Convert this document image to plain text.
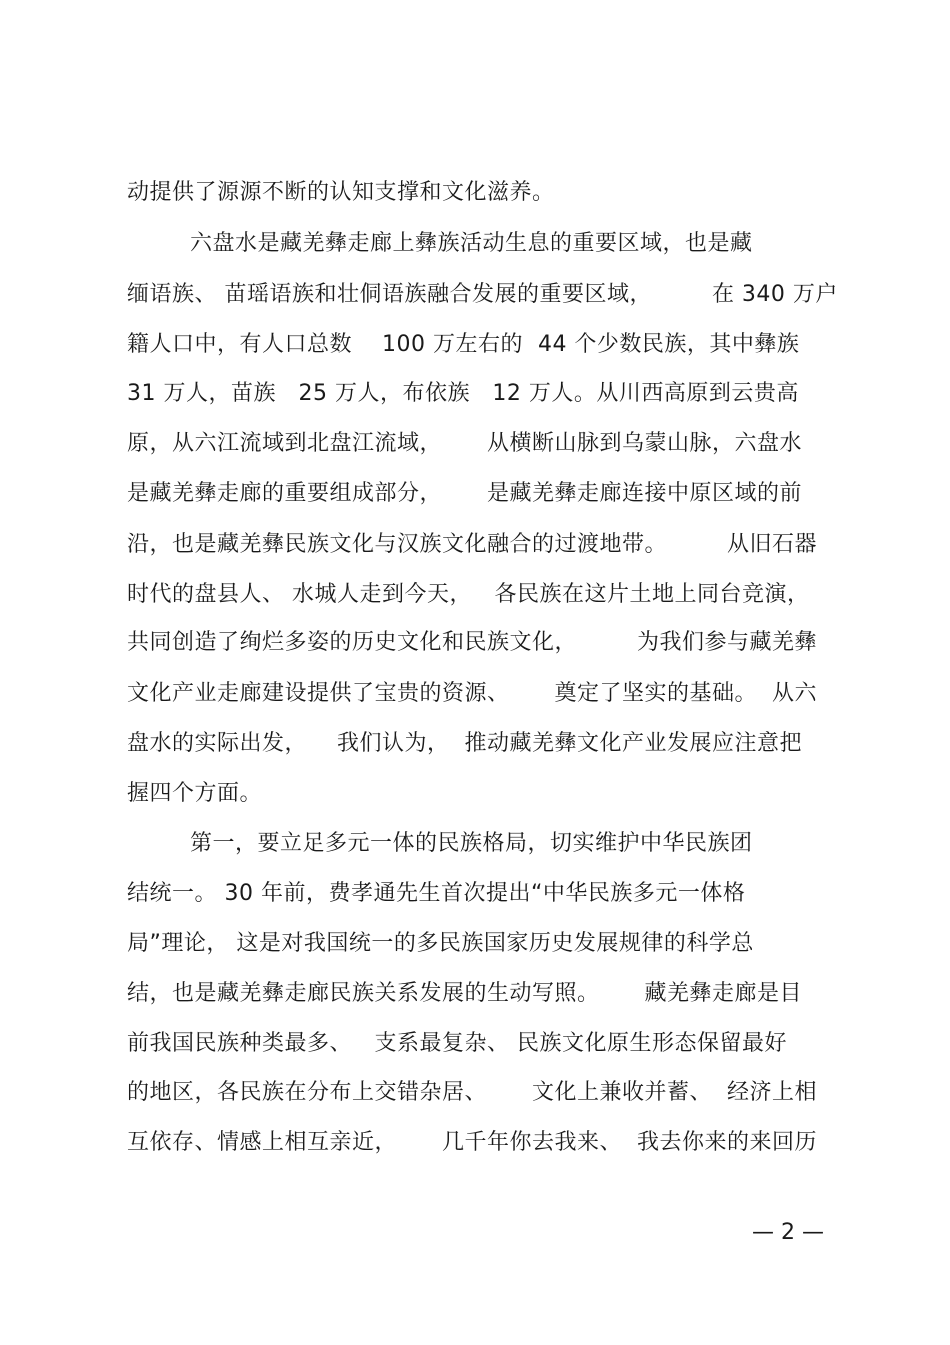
动提供了源源不断的认知支撑和文化滋养。
六盘水是藏羌彝走廊上彝族活动生息的重要区域，也是藏
缅语族、 苗瑶语族和壮侗语族融合发展的重要区域，        在 340 万户
籍人口中，有人口总数    100 万左右的  44 个少数民族，其中彝族
31 万人，苗族   25 万人，布依族   12 万人。从川西高原到云贵高
原，从六江流域到北盘江流域，      从横断山脉到乌蒙山脉，六盘水
是藏羌彝走廊的重要组成部分，      是藏羌彝走廊连接中原区域的前
沿，也是藏羌彝民族文化与汉族文化融合的过渡地带。        从旧石器
时代的盘县人、 水城人走到今天，   各民族在这片土地上同台竞演，
共同创造了绚烂多姿的历史文化和民族文化，        为我们参与藏羌彝
文化产业走廊建设提供了宝贵的资源、      奠定了坚实的基础。  从六
盘水的实际出发，    我们认为，  推动藏羌彝文化产业发展应注意把
握四个方面。
第一，要立足多元一体的民族格局，切实维护中华民族团
结统一。 30 年前，费孝通先生首次提出“中华民族多元一体格
局”理论， 这是对我国统一的多民族国家历史发展规律的科学总
结，也是藏羌彝走廊民族关系发展的生动写照。      藏羌彝走廊是目
前我国民族种类最多、   支系最复杂、 民族文化原生形态保留最好
的地区，各民族在分布上交错杂居、      文化上兼收并蓄、  经济上相
互依存、情感上相互亲近，      几千年你去我来、  我去你来的来回历
— 2 —
